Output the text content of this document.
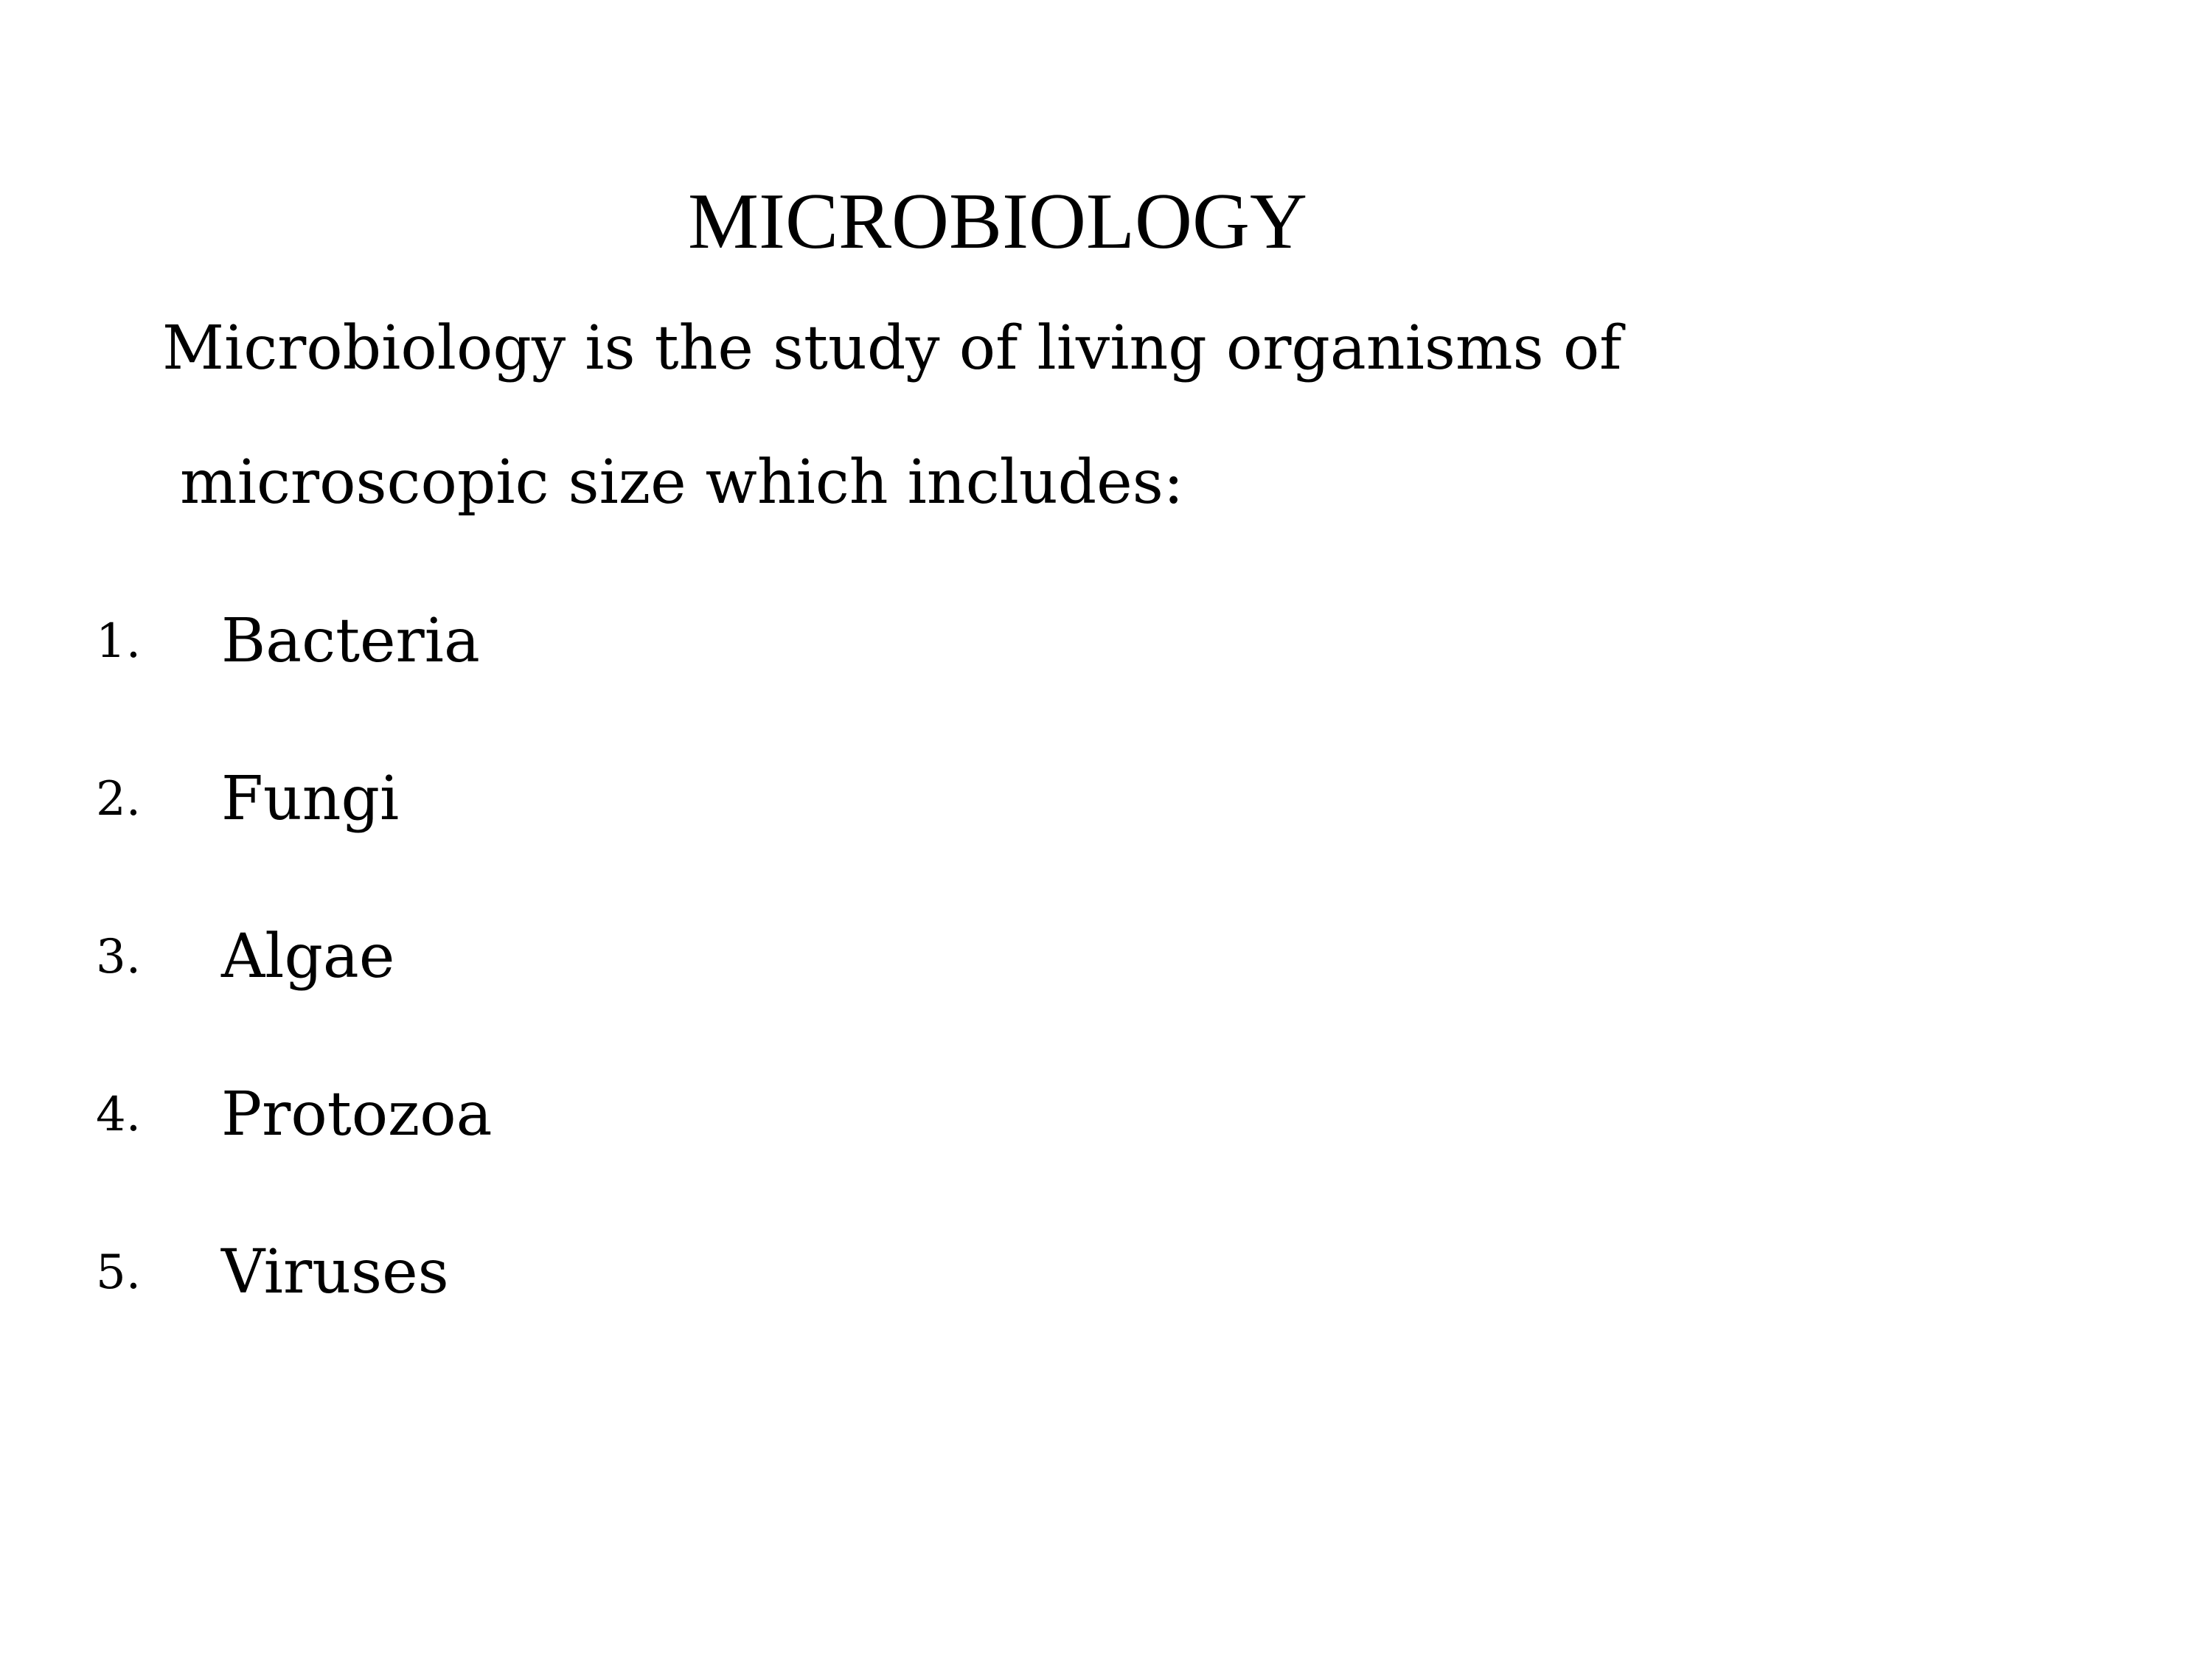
MICROBIOLOGY
Microbiology is the study of living organisms of
microscopic size which includes:
1. Bacteria
2. Fungi
3. Algae
4. Protozoa
5. Viruses
